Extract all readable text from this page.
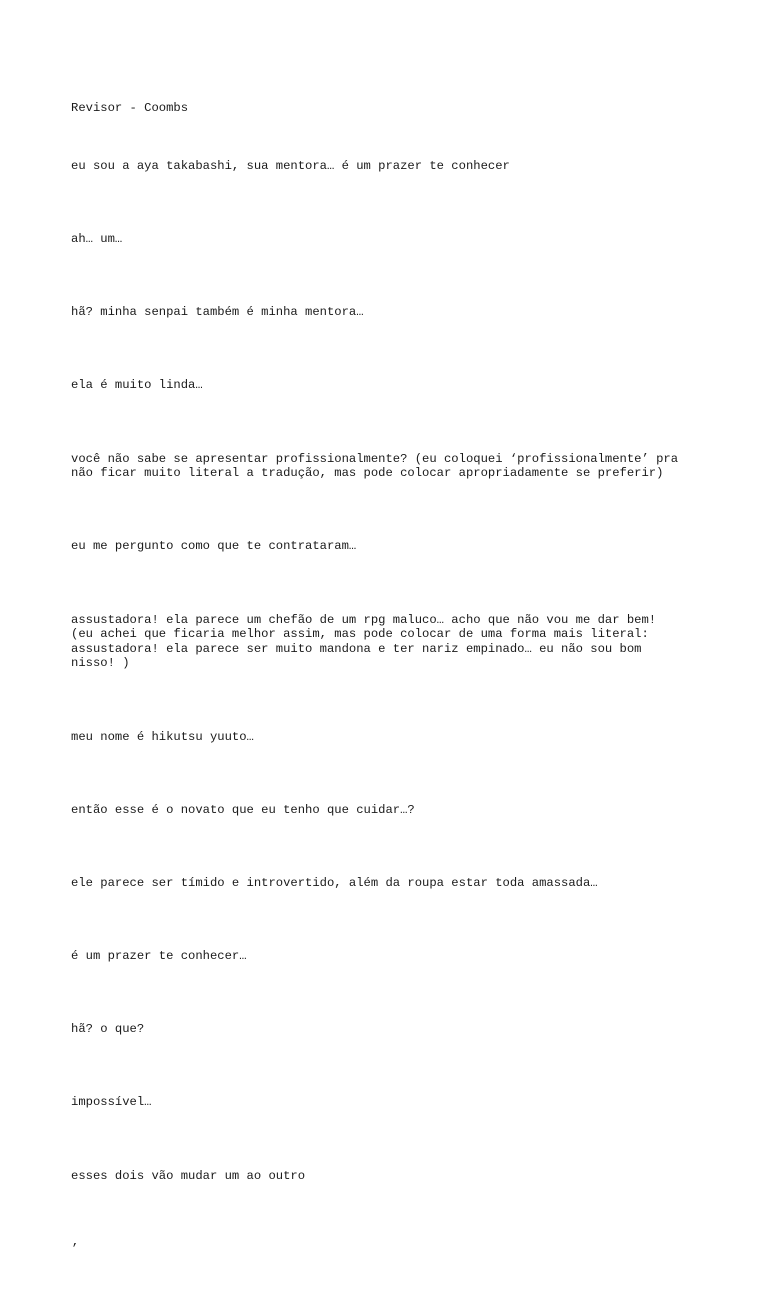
Revisor - Coombs

eu sou a aya takabashi, sua mentora… é um prazer te conhecer

ah… um…

hã? minha senpai também é minha mentora…

ela é muito linda…

você não sabe se apresentar profissionalmente? (eu coloquei ‘profissionalmente’ pra
não ficar muito literal a tradução, mas pode colocar apropriadamente se preferir)

eu me pergunto como que te contrataram…

assustadora! ela parece um chefão de um rpg maluco… acho que não vou me dar bem!
(eu achei que ficaria melhor assim, mas pode colocar de uma forma mais literal:
assustadora! ela parece ser muito mandona e ter nariz empinado… eu não sou bom
nisso! )

meu nome é hikutsu yuuto…

então esse é o novato que eu tenho que cuidar…?

ele parece ser tímido e introvertido, além da roupa estar toda amassada…

é um prazer te conhecer…

hã? o que?

impossível…

esses dois vão mudar um ao outro

’
